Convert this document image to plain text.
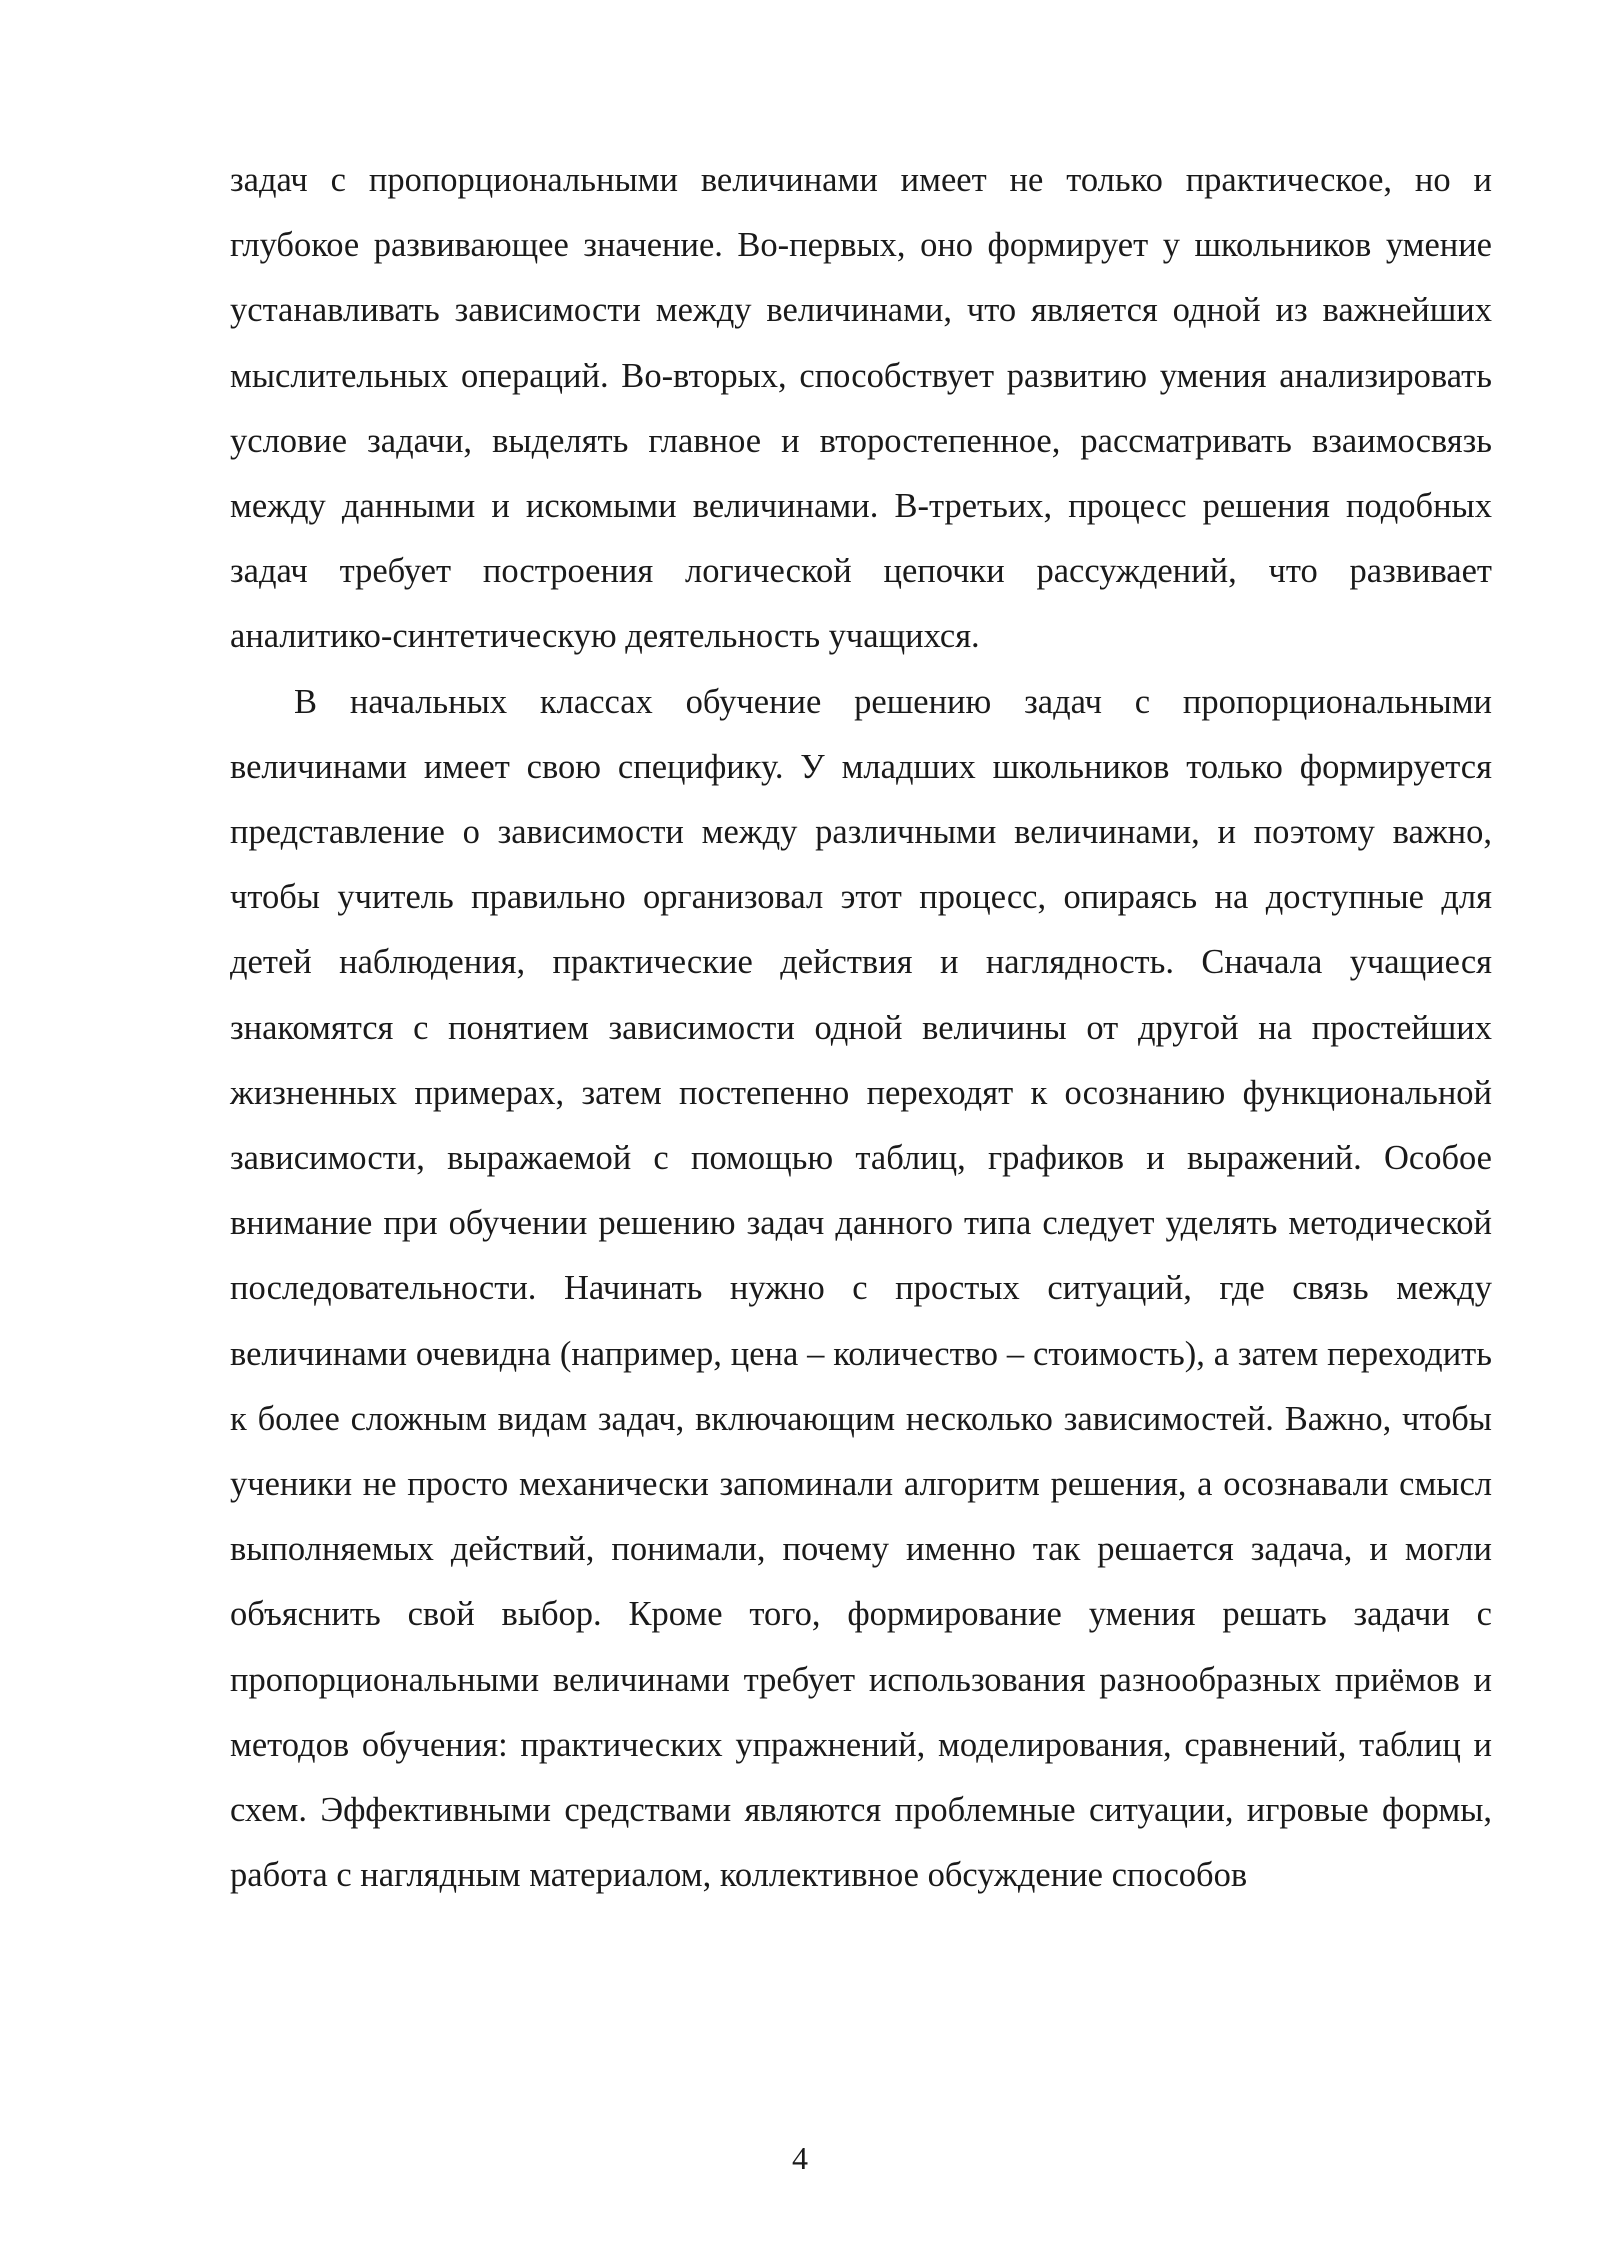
задач с пропорциональными величинами имеет не только практическое, но и глубокое развивающее значение. Во-первых, оно формирует у школьников умение устанавливать зависимости между величинами, что является одной из важнейших мыслительных операций. Во-вторых, способствует развитию умения анализировать условие задачи, выделять главное и второстепенное, рассматривать взаимосвязь между данными и искомыми величинами. В-третьих, процесс решения подобных задач требует построения логической цепочки рассуждений, что развивает аналитико-синтетическую деятельность учащихся.

В начальных классах обучение решению задач с пропорциональными величинами имеет свою специфику. У младших школьников только формируется представление о зависимости между различными величинами, и поэтому важно, чтобы учитель правильно организовал этот процесс, опираясь на доступные для детей наблюдения, практические действия и наглядность. Сначала учащиеся знакомятся с понятием зависимости одной величины от другой на простейших жизненных примерах, затем постепенно переходят к осознанию функциональной зависимости, выражаемой с помощью таблиц, графиков и выражений. Особое внимание при обучении решению задач данного типа следует уделять методической последовательности. Начинать нужно с простых ситуаций, где связь между величинами очевидна (например, цена – количество – стоимость), а затем переходить к более сложным видам задач, включающим несколько зависимостей. Важно, чтобы ученики не просто механически запоминали алгоритм решения, а осознавали смысл выполняемых действий, понимали, почему именно так решается задача, и могли объяснить свой выбор. Кроме того, формирование умения решать задачи с пропорциональными величинами требует использования разнообразных приёмов и методов обучения: практических упражнений, моделирования, сравнений, таблиц и схем. Эффективными средствами являются проблемные ситуации, игровые формы, работа с наглядным материалом, коллективное обсуждение способов

4
